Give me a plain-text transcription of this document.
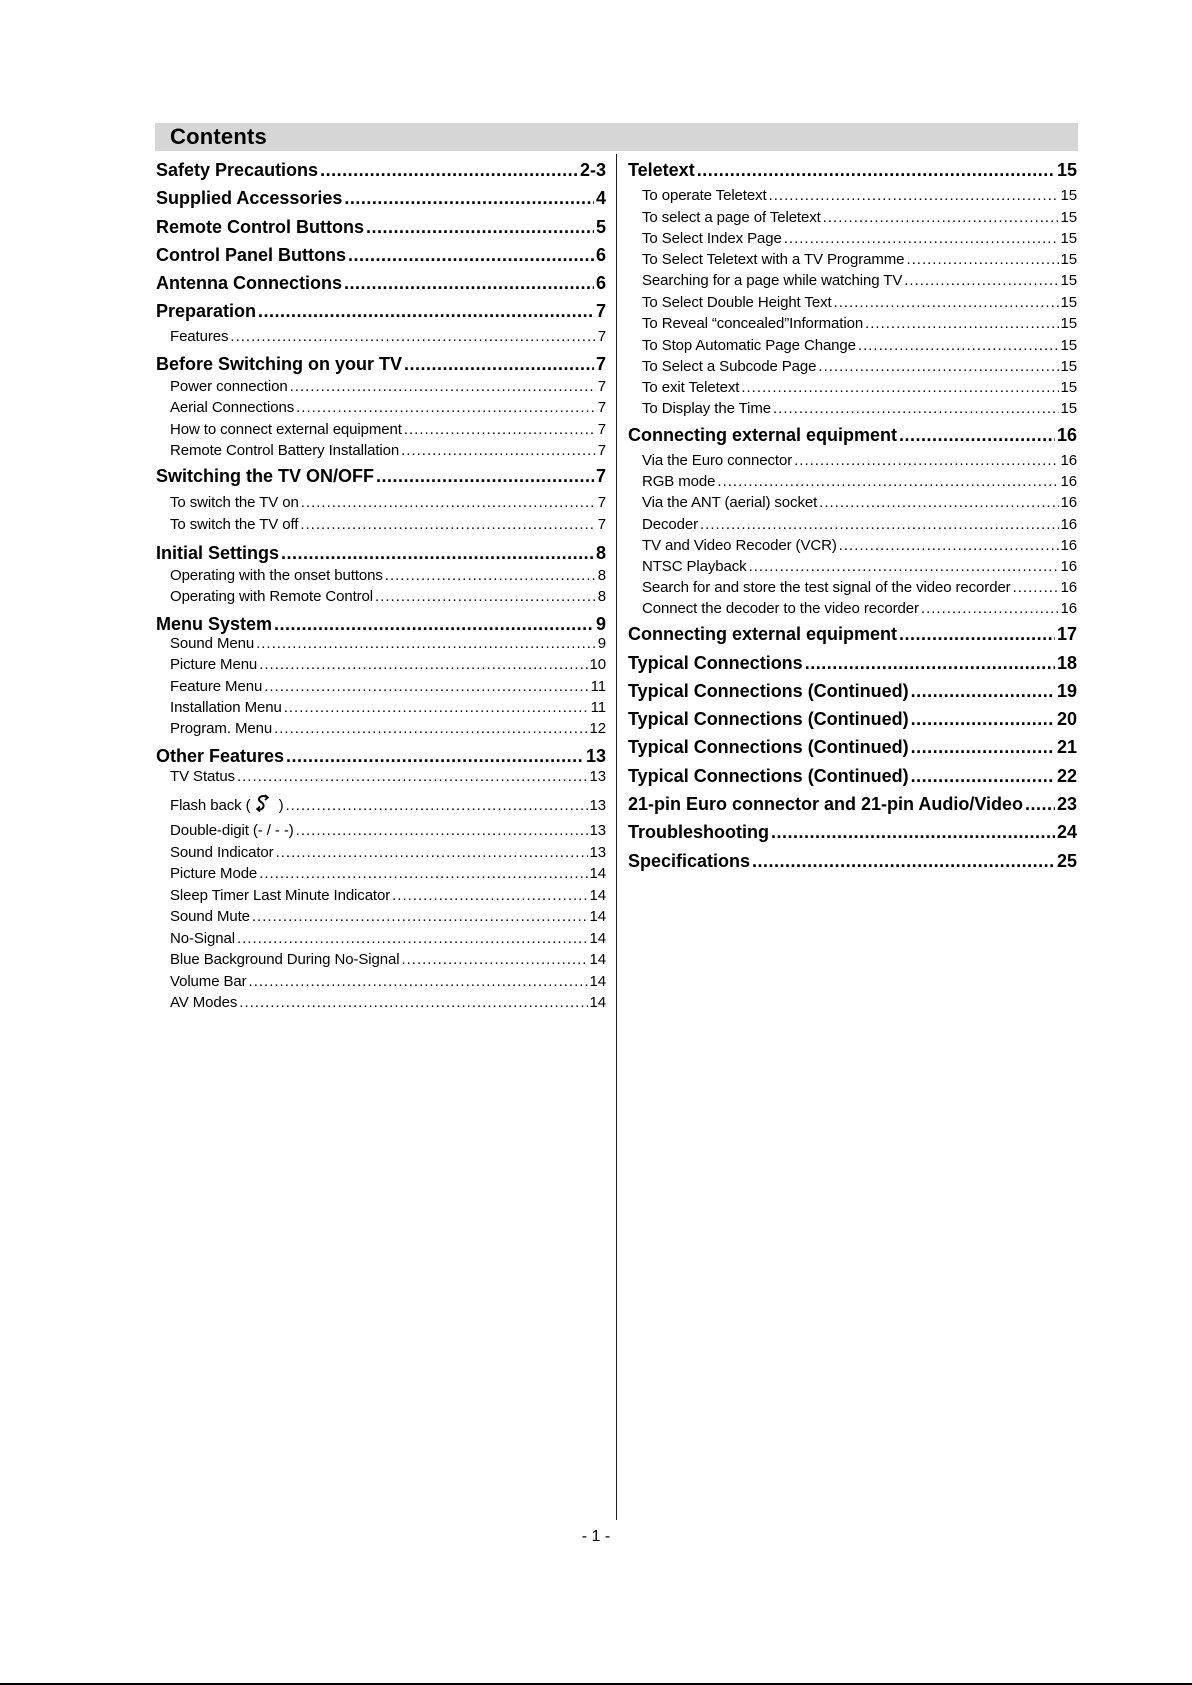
Contents
Safety Precautions .....	2-3
Supplied Accessories .....	4
Remote Control Buttons .....	5
Control Panel Buttons .....	6
Antenna Connections .....	6
Preparation .....	7
Features .....	7
Before Switching on your TV .....	7
Power connection .....	7
Aerial Connections .....	7
How to connect external equipment .....	7
Remote Control Battery Installation .....	7
Switching the TV ON/OFF .....	7
To switch the TV on .....	7
To switch the TV off .....	7
Initial Settings .....	8
Operating with the onset buttons .....	8
Operating with Remote Control .....	8
Menu System .....	9
Sound Menu .....	9
Picture Menu .....	10
Feature Menu .....	11
Installation Menu .....	11
Program. Menu .....	12
Other Features .....	13
TV Status .....	13
Flash back ( ) .....	13
Double-digit (- / - -) .....	13
Sound Indicator .....	13
Picture Mode .....	14
Sleep Timer Last Minute Indicator .....	14
Sound Mute .....	14
No-Signal .....	14
Blue Background During No-Signal .....	14
Volume Bar .....	14
AV Modes .....	14
Teletext .....	15
To operate Teletext .....	15
To select a page of Teletext .....	15
To Select Index Page .....	15
To Select Teletext with a TV Programme .....	15
Searching for a page while watching TV .....	15
To Select Double Height Text .....	15
To Reveal “concealed”Information .....	15
To Stop Automatic Page Change .....	15
To Select a Subcode Page .....	15
To exit Teletext .....	15
To Display the Time .....	15
Connecting external equipment .....	16
Via the Euro connector .....	16
RGB mode .....	16
Via the ANT (aerial) socket .....	16
Decoder .....	16
TV and Video Recoder (VCR) .....	16
NTSC Playback .....	16
Search for and store the test signal of the video recorder .....	16
Connect the decoder to the video recorder .....	16
Connecting external equipment .....	17
Typical Connections .....	18
Typical Connections (Continued) .....	19
Typical Connections (Continued) .....	20
Typical Connections (Continued) .....	21
Typical Connections (Continued) .....	22
21-pin Euro connector and 21-pin Audio/Video ..... 23
Troubleshooting .....	24
Specifications .....	25
- 1 -
